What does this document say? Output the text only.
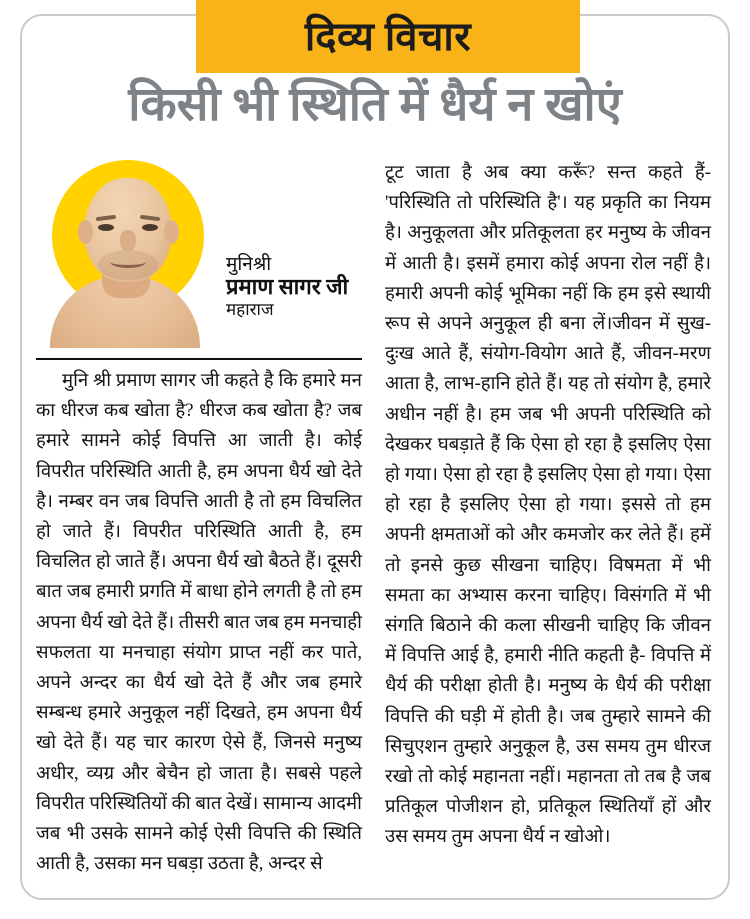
दिव्य विचार
किसी भी स्थिति में धैर्य न खोएं
मुनिश्री
प्रमाण सागर जी
महाराज

मुनि श्री प्रमाण सागर जी कहते है कि हमारे मन का धीरज कब खोता है? धीरज कब खोता है? जब हमारे सामने कोई विपत्ति आ जाती है। कोई विपरीत परिस्थिति आती है, हम अपना धैर्य खो देते है। नम्बर वन जब विपत्ति आती है तो हम विचलित हो जाते हैं। विपरीत परिस्थिति आती है, हम विचलित हो जाते हैं। अपना धैर्य खो बैठते हैं। दूसरी बात जब हमारी प्रगति में बाधा होने लगती है तो हम अपना धैर्य खो देते हैं। तीसरी बात जब हम मनचाही सफलता या मनचाहा संयोग प्राप्त नहीं कर पाते, अपने अन्दर का धैर्य खो देते हैं और जब हमारे सम्बन्ध हमारे अनुकूल नहीं दिखते, हम अपना धैर्य खो देते हैं। यह चार कारण ऐसे हैं, जिनसे मनुष्य अधीर, व्यग्र और बेचैन हो जाता है। सबसे पहले विपरीत परिस्थितियों की बात देखें। सामान्य आदमी जब भी उसके सामने कोई ऐसी विपत्ति की स्थिति आती है, उसका मन घबड़ा उठता है, अन्दर से

टूट जाता है अब क्या करूँ? सन्त कहते हैं- 'परिस्थिति तो परिस्थिति है'। यह प्रकृति का नियम है। अनुकूलता और प्रतिकूलता हर मनुष्य के जीवन में आती है। इसमें हमारा कोई अपना रोल नहीं है। हमारी अपनी कोई भूमिका नहीं कि हम इसे स्थायी रूप से अपने अनुकूल ही बना लें।जीवन में सुख-दुःख आते हैं, संयोग-वियोग आते हैं, जीवन-मरण आता है, लाभ-हानि होते हैं। यह तो संयोग है, हमारे अधीन नहीं है। हम जब भी अपनी परिस्थिति को देखकर घबड़ाते हैं कि ऐसा हो रहा है इसलिए ऐसा हो गया। ऐसा हो रहा है इसलिए ऐसा हो गया। ऐसा हो रहा है इसलिए ऐसा हो गया। इससे तो हम अपनी क्षमताओं को और कमजोर कर लेते हैं। हमें तो इनसे कुछ सीखना चाहिए। विषमता में भी समता का अभ्यास करना चाहिए। विसंगति में भी संगति बिठाने की कला सीखनी चाहिए कि जीवन में विपत्ति आई है, हमारी नीति कहती है- विपत्ति में धैर्य की परीक्षा होती है। मनुष्य के धैर्य की परीक्षा विपत्ति की घड़ी में होती है। जब तुम्हारे सामने की सिचुएशन तुम्हारे अनुकूल है, उस समय तुम धीरज रखो तो कोई महानता नहीं। महानता तो तब है जब प्रतिकूल पोजीशन हो, प्रतिकूल स्थितियाँ हों और उस समय तुम अपना धैर्य न खोओ।
